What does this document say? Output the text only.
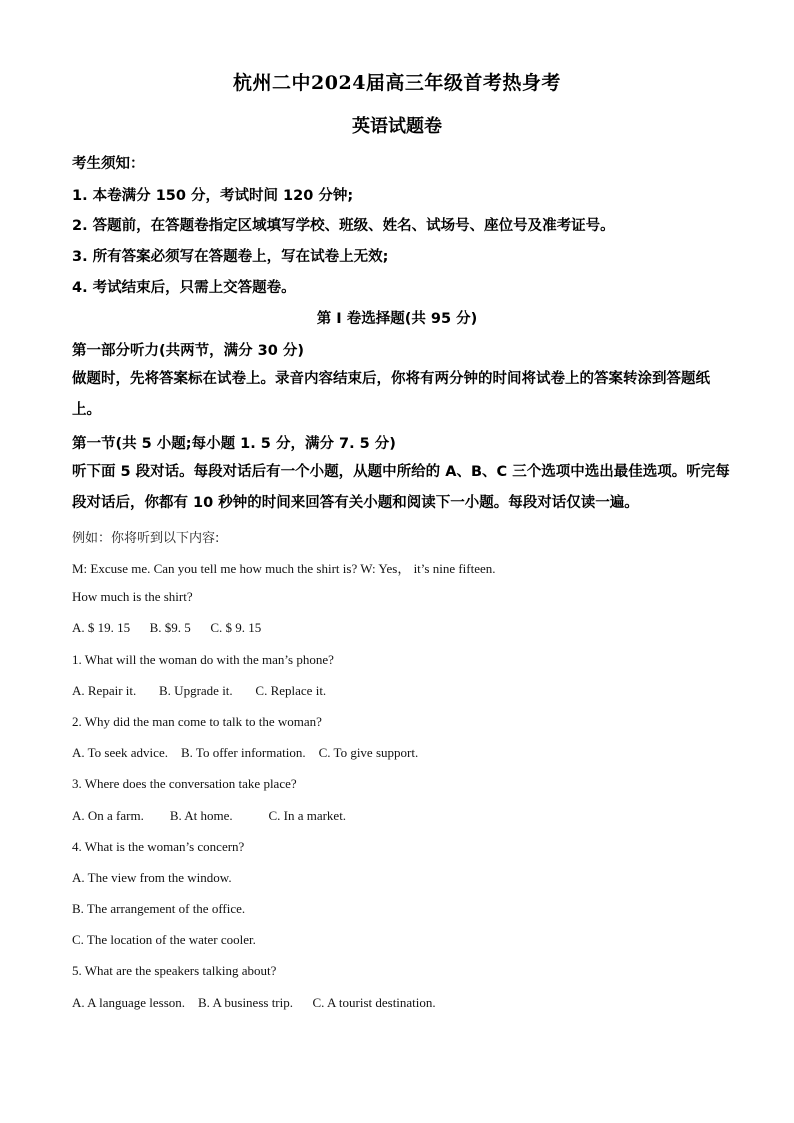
杭州二中2024届高三年级首考热身考
英语试题卷
考生须知：
1. 本卷满分 150 分，考试时间 120 分钟;
2. 答题前，在答题卷指定区域填写学校、班级、姓名、试场号、座位号及准考证号。
3. 所有答案必须写在答题卷上，写在试卷上无效;
4. 考试结束后，只需上交答题卷。
第 I 卷选择题(共 95 分)
第一部分听力(共两节，满分 30 分)
做题时，先将答案标在试卷上。录音内容结束后，你将有两分钟的时间将试卷上的答案转涂到答题纸上。
第一节(共 5 小题;每小题 1. 5 分，满分 7. 5 分)
听下面 5 段对话。每段对话后有一个小题，从题中所给的 A、B、C 三个选项中选出最佳选项。听完每段对话后，你都有 10 秒钟的时间来回答有关小题和阅读下一小题。每段对话仅读一遍。
例如：你将听到以下内容:
M: Excuse me. Can you tell me how much the shirt is? W: Yes， it’s nine fifteen.
How much is the shirt?
A. $ 19. 15 B. $9. 5 C. $ 9. 15
1. What will the woman do with the man’s phone?
A. Repair it. B. Upgrade it. C. Replace it.
2. Why did the man come to talk to the woman?
A. To seek advice. B. To offer information. C. To give support.
3. Where does the conversation take place?
A. On a farm. B. At home.	C. In a market.
4. What is the woman’s concern?
A. The view from the window.
B. The arrangement of the office.
C. The location of the water cooler.
5. What are the speakers talking about?
A. A language lesson. B. A business trip. C. A tourist destination.
